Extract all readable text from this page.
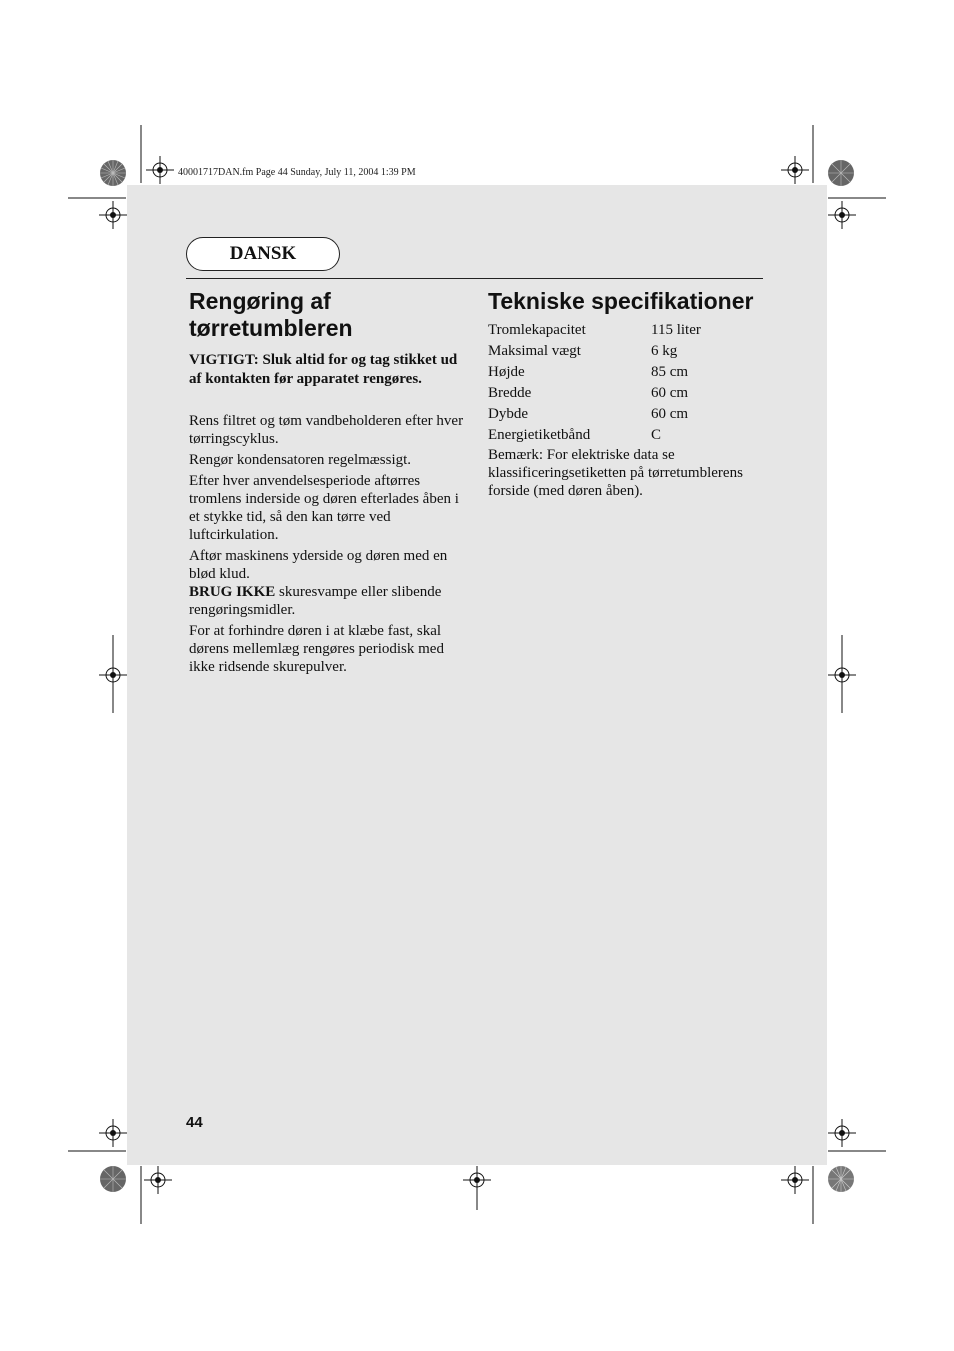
40001717DAN.fm Page 44 Sunday, July 11, 2004 1:39 PM
DANSK
Rengøring af
tørretumbleren

VIGTIGT: Sluk altid for og tag stikket ud af kontakten før apparatet rengøres.

Rens filtret og tøm vandbeholderen efter hver tørringscyklus.

Rengør kondensatoren regelmæssigt.

Efter hver anvendelsesperiode aftørres tromlens inderside og døren efterlades åben i et stykke tid, så den kan tørre ved luftcirkulation.

Aftør maskinens yderside og døren med en blød klud.

BRUG IKKE skuresvampe eller slibende rengøringsmidler.

For at forhindre døren i at klæbe fast, skal dørens mellemlæg rengøres periodisk med ikke ridsende skurepulver.

Tekniske specifikationer
Tromlekapacitet	115 liter
Maksimal vægt	6 kg
Højde	85 cm
Bredde	60 cm
Dybde	60 cm
Energietiketbånd	C

Bemærk: For elektriske data se klassificeringsetiketten på tørretumblerens forside (med døren åben).

44
